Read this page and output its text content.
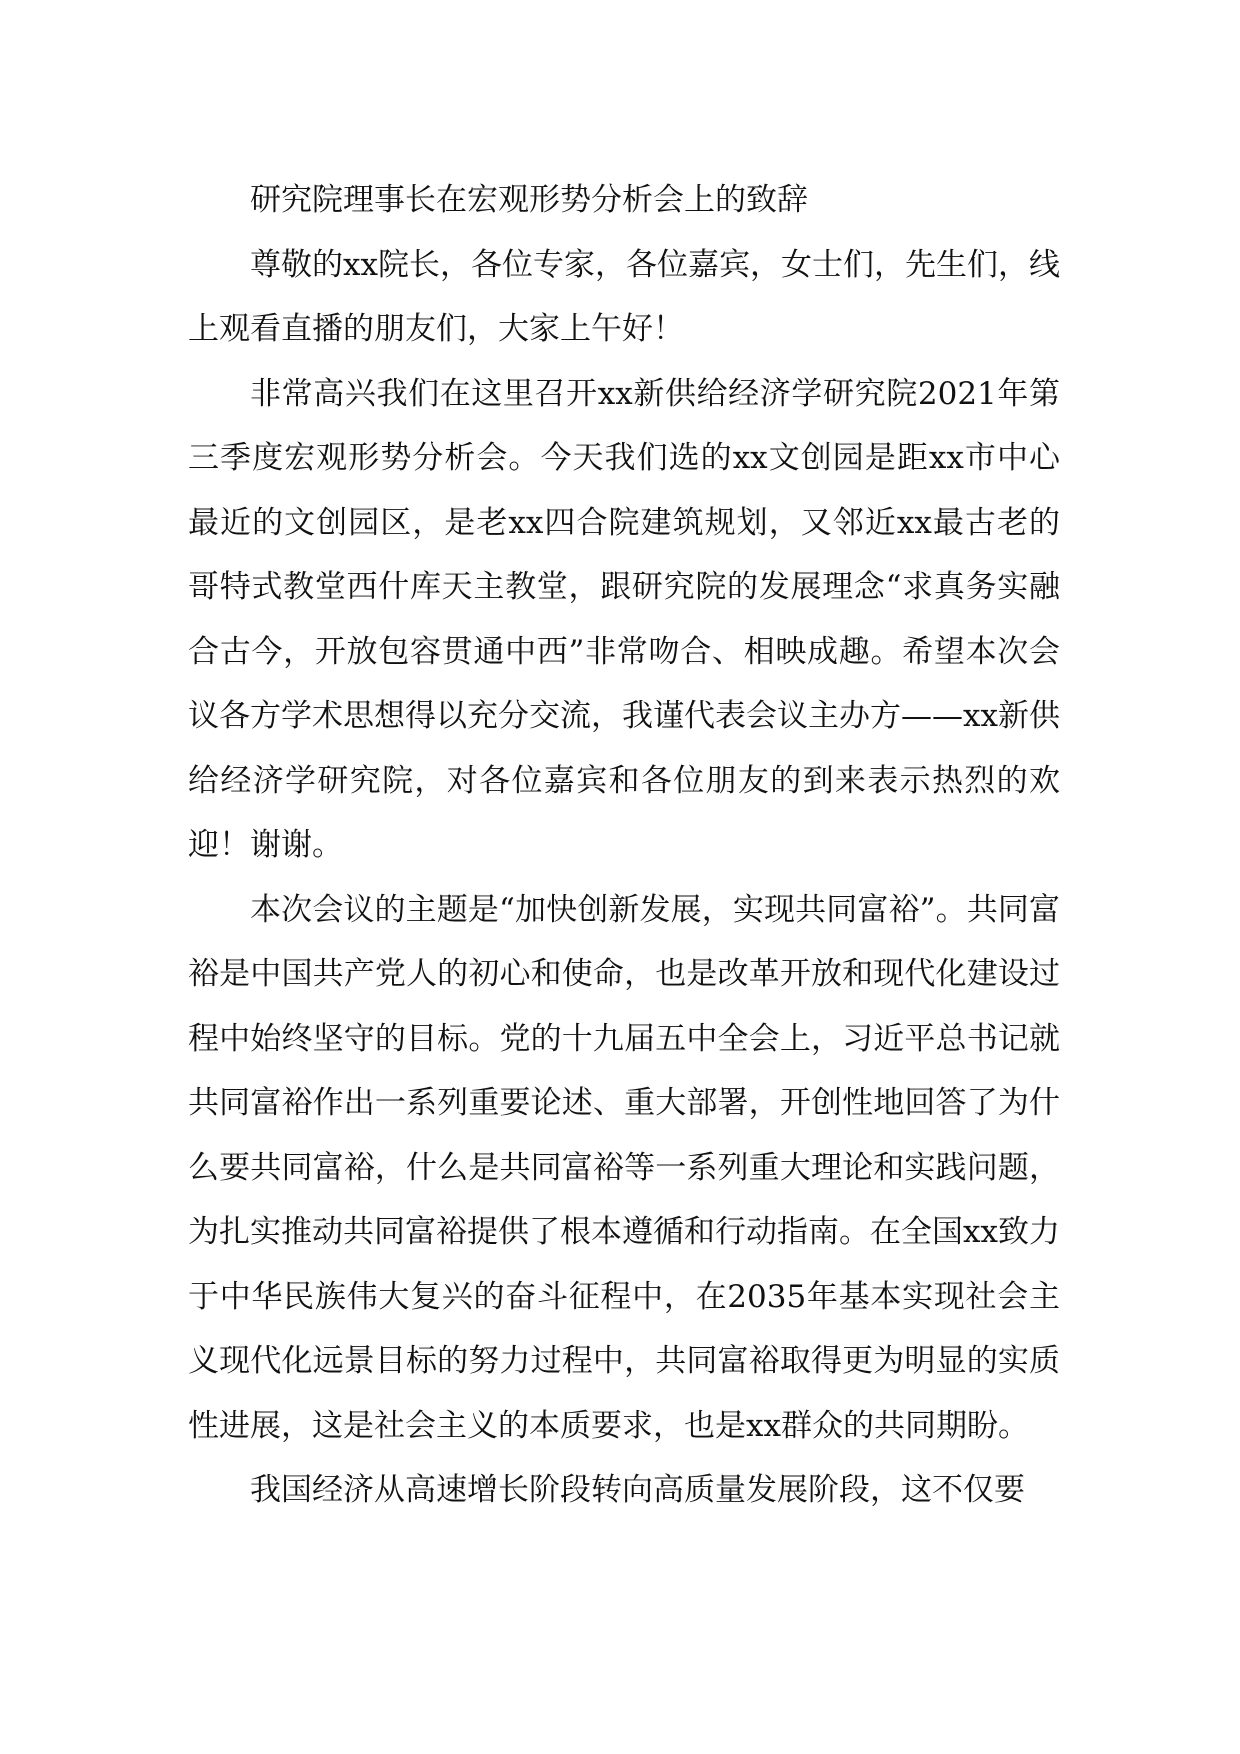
研究院理事长在宏观形势分析会上的致辞

尊敬的xx院长，各位专家，各位嘉宾，女士们，先生们，线上观看直播的朋友们，大家上午好！

非常高兴我们在这里召开xx新供给经济学研究院2021年第三季度宏观形势分析会。今天我们选的xx文创园是距xx市中心最近的文创园区，是老xx四合院建筑规划，又邻近xx最古老的哥特式教堂西什库天主教堂，跟研究院的发展理念“求真务实融合古今，开放包容贯通中西”非常吻合、相映成趣。希望本次会议各方学术思想得以充分交流，我谨代表会议主办方——xx新供给经济学研究院，对各位嘉宾和各位朋友的到来表示热烈的欢迎！谢谢。

本次会议的主题是“加快创新发展，实现共同富裕”。共同富裕是中国共产党人的初心和使命，也是改革开放和现代化建设过程中始终坚守的目标。党的十九届五中全会上，习近平总书记就共同富裕作出一系列重要论述、重大部署，开创性地回答了为什么要共同富裕，什么是共同富裕等一系列重大理论和实践问题，为扎实推动共同富裕提供了根本遵循和行动指南。在全国xx致力于中华民族伟大复兴的奋斗征程中，在2035年基本实现社会主义现代化远景目标的努力过程中，共同富裕取得更为明显的实质性进展，这是社会主义的本质要求，也是xx群众的共同期盼。

我国经济从高速增长阶段转向高质量发展阶段，这不仅要
